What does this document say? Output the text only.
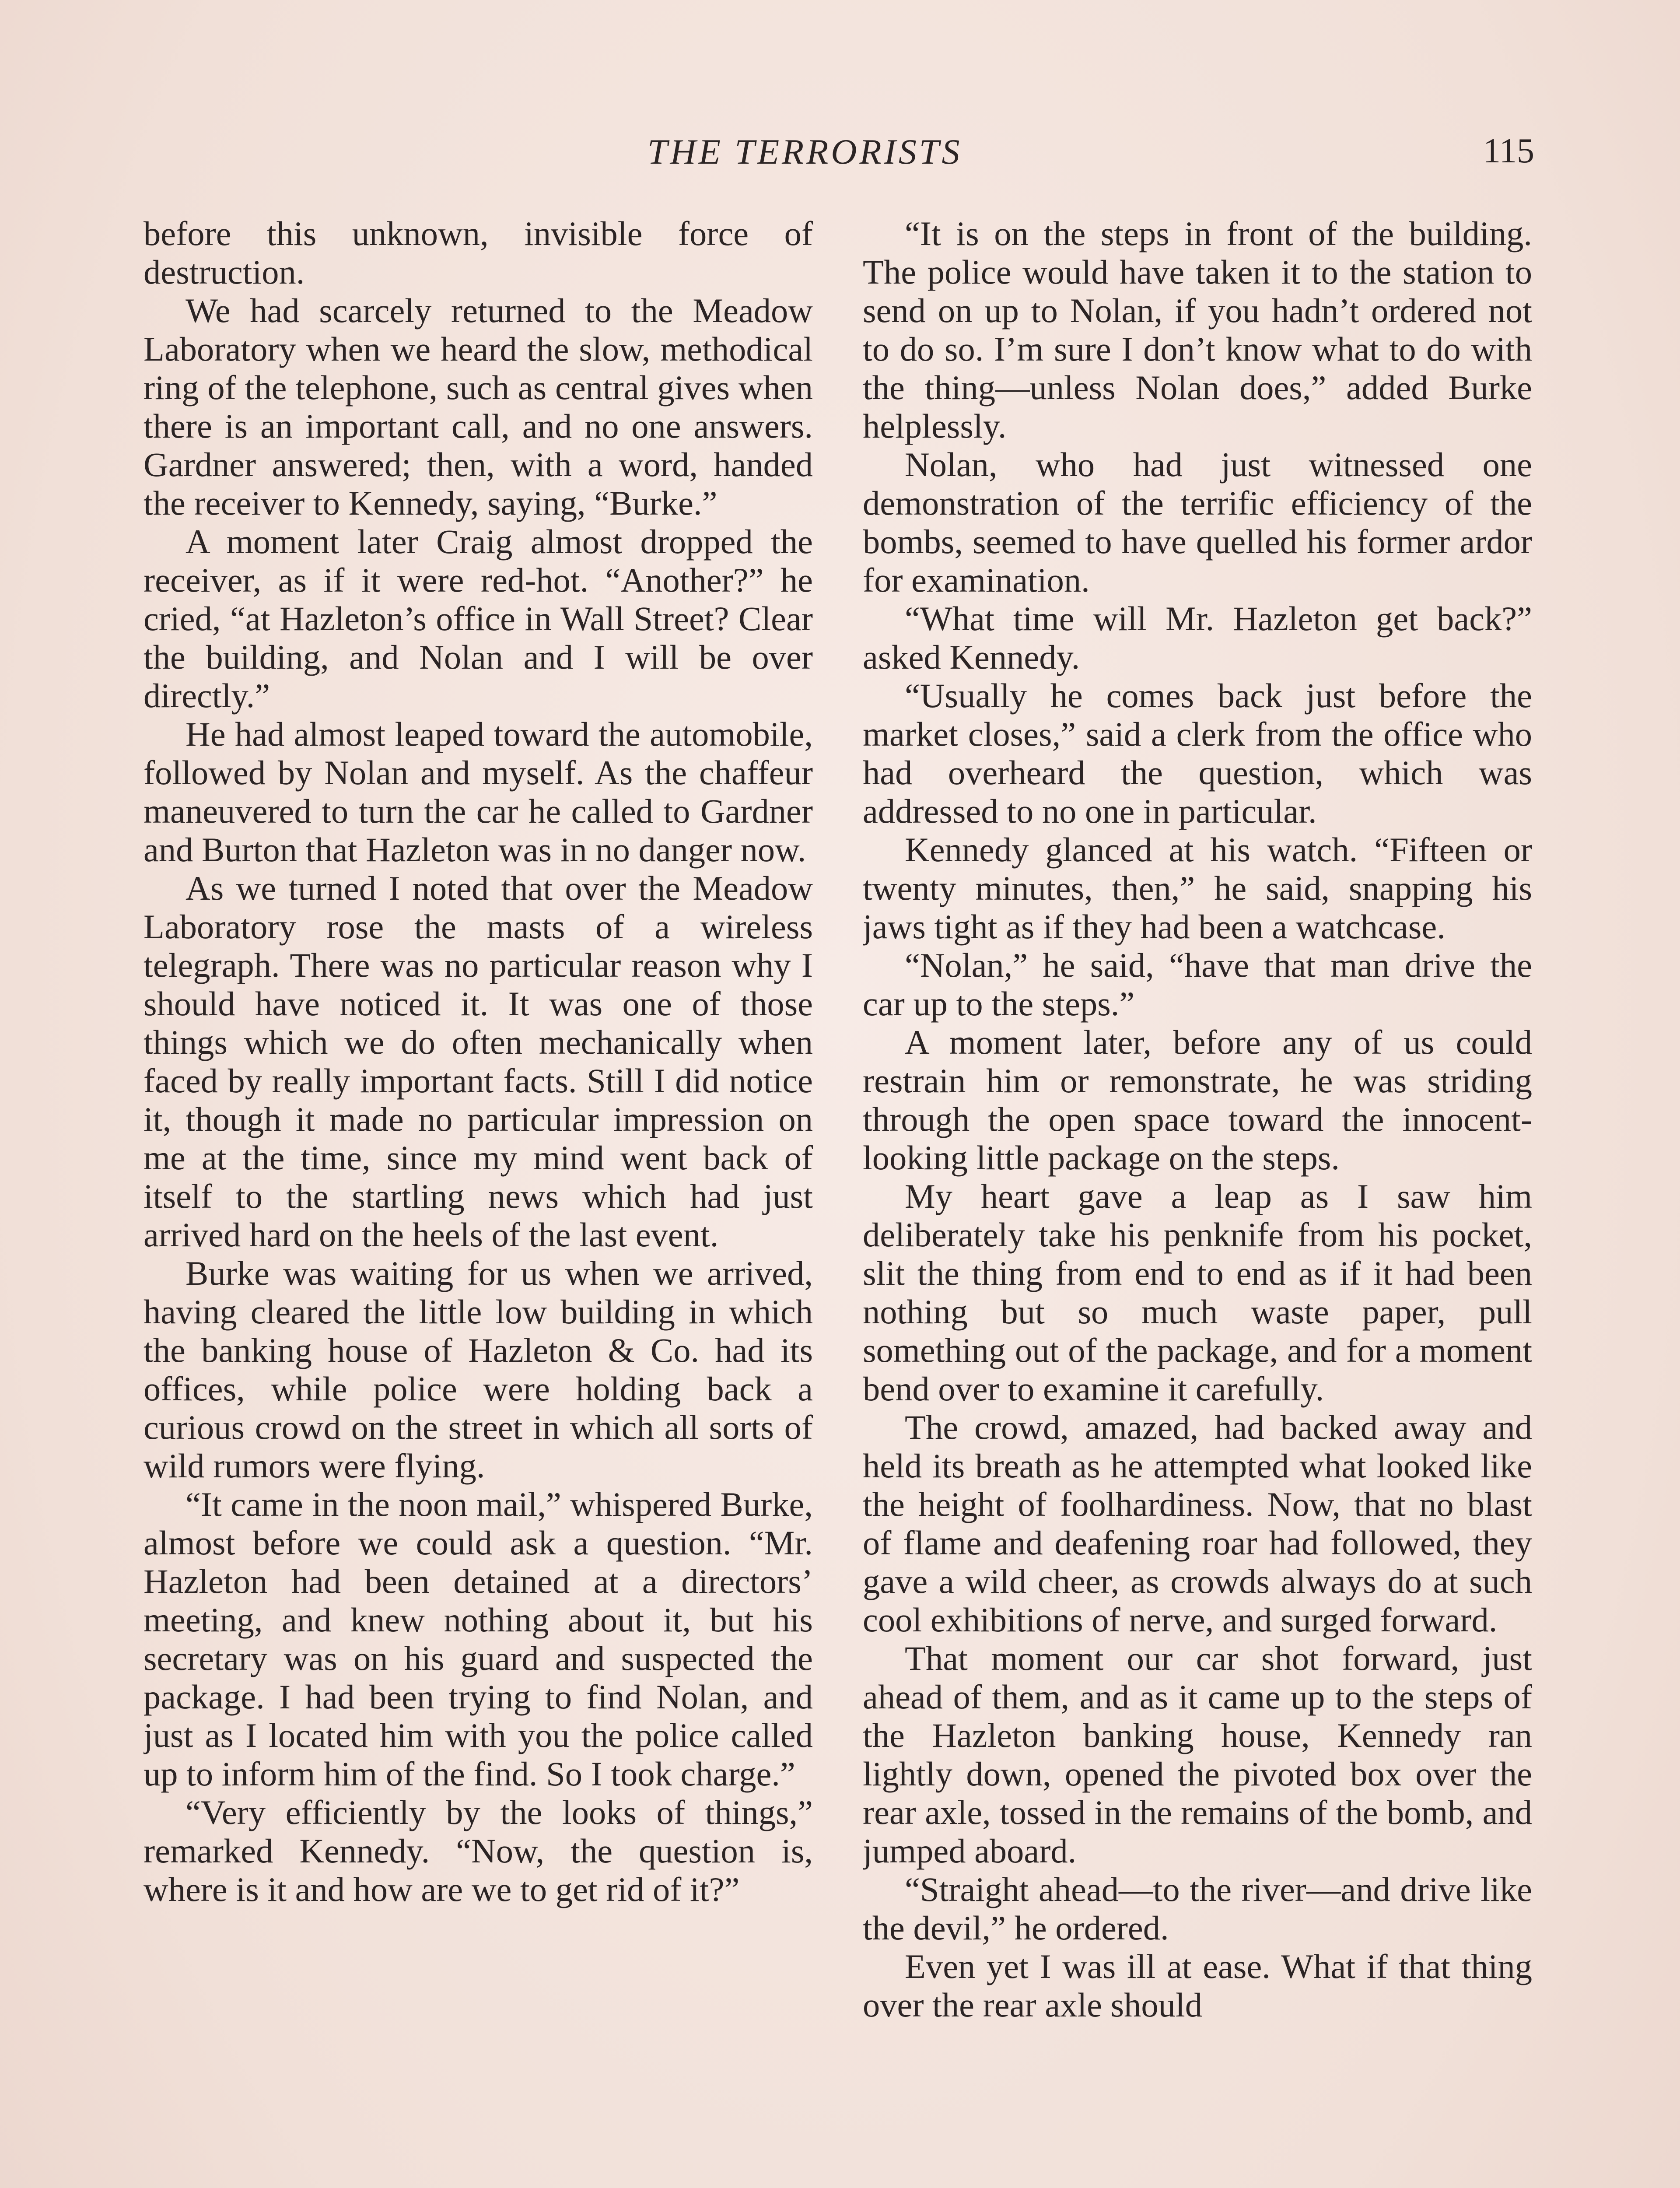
THE TERRORISTS	115

before this unknown, invisible force of destruction.

We had scarcely returned to the Meadow Laboratory when we heard the slow, methodical ring of the telephone, such as central gives when there is an important call, and no one answers. Gardner answered; then, with a word, handed the receiver to Kennedy, saying, “Burke.”

A moment later Craig almost dropped the receiver, as if it were red-hot. “Another?” he cried, “at Hazleton’s office in Wall Street? Clear the building, and Nolan and I will be over directly.”

He had almost leaped toward the automobile, followed by Nolan and myself. As the chaffeur maneuvered to turn the car he called to Gardner and Burton that Hazleton was in no danger now.

As we turned I noted that over the Meadow Laboratory rose the masts of a wireless telegraph. There was no particular reason why I should have noticed it. It was one of those things which we do often mechanically when faced by really important facts. Still I did notice it, though it made no particular impression on me at the time, since my mind went back of itself to the startling news which had just arrived hard on the heels of the last event.

Burke was waiting for us when we arrived, having cleared the little low building in which the banking house of Hazleton & Co. had its offices, while police were holding back a curious crowd on the street in which all sorts of wild rumors were flying.

“It came in the noon mail,” whispered Burke, almost before we could ask a question. “Mr. Hazleton had been detained at a directors’ meeting, and knew nothing about it, but his secretary was on his guard and suspected the package. I had been trying to find Nolan, and just as I located him with you the police called up to inform him of the find. So I took charge.”

“Very efficiently by the looks of things,” remarked Kennedy. “Now, the question is, where is it and how are we to get rid of it?”

“It is on the steps in front of the building. The police would have taken it to the station to send on up to Nolan, if you hadn’t ordered not to do so. I’m sure I don’t know what to do with the thing—unless Nolan does,” added Burke helplessly.

Nolan, who had just witnessed one demonstration of the terrific efficiency of the bombs, seemed to have quelled his former ardor for examination.

“What time will Mr. Hazleton get back?” asked Kennedy.

“Usually he comes back just before the market closes,” said a clerk from the office who had overheard the question, which was addressed to no one in particular.

Kennedy glanced at his watch. “Fifteen or twenty minutes, then,” he said, snapping his jaws tight as if they had been a watchcase.

“Nolan,” he said, “have that man drive the car up to the steps.”

A moment later, before any of us could restrain him or remonstrate, he was striding through the open space toward the innocent-looking little package on the steps.

My heart gave a leap as I saw him deliberately take his penknife from his pocket, slit the thing from end to end as if it had been nothing but so much waste paper, pull something out of the package, and for a moment bend over to examine it carefully.

The crowd, amazed, had backed away and held its breath as he attempted what looked like the height of foolhardiness. Now, that no blast of flame and deafening roar had followed, they gave a wild cheer, as crowds always do at such cool exhibitions of nerve, and surged forward.

That moment our car shot forward, just ahead of them, and as it came up to the steps of the Hazleton banking house, Kennedy ran lightly down, opened the pivoted box over the rear axle, tossed in the remains of the bomb, and jumped aboard.

“Straight ahead—to the river—and drive like the devil,” he ordered.

Even yet I was ill at ease. What if that thing over the rear axle should
